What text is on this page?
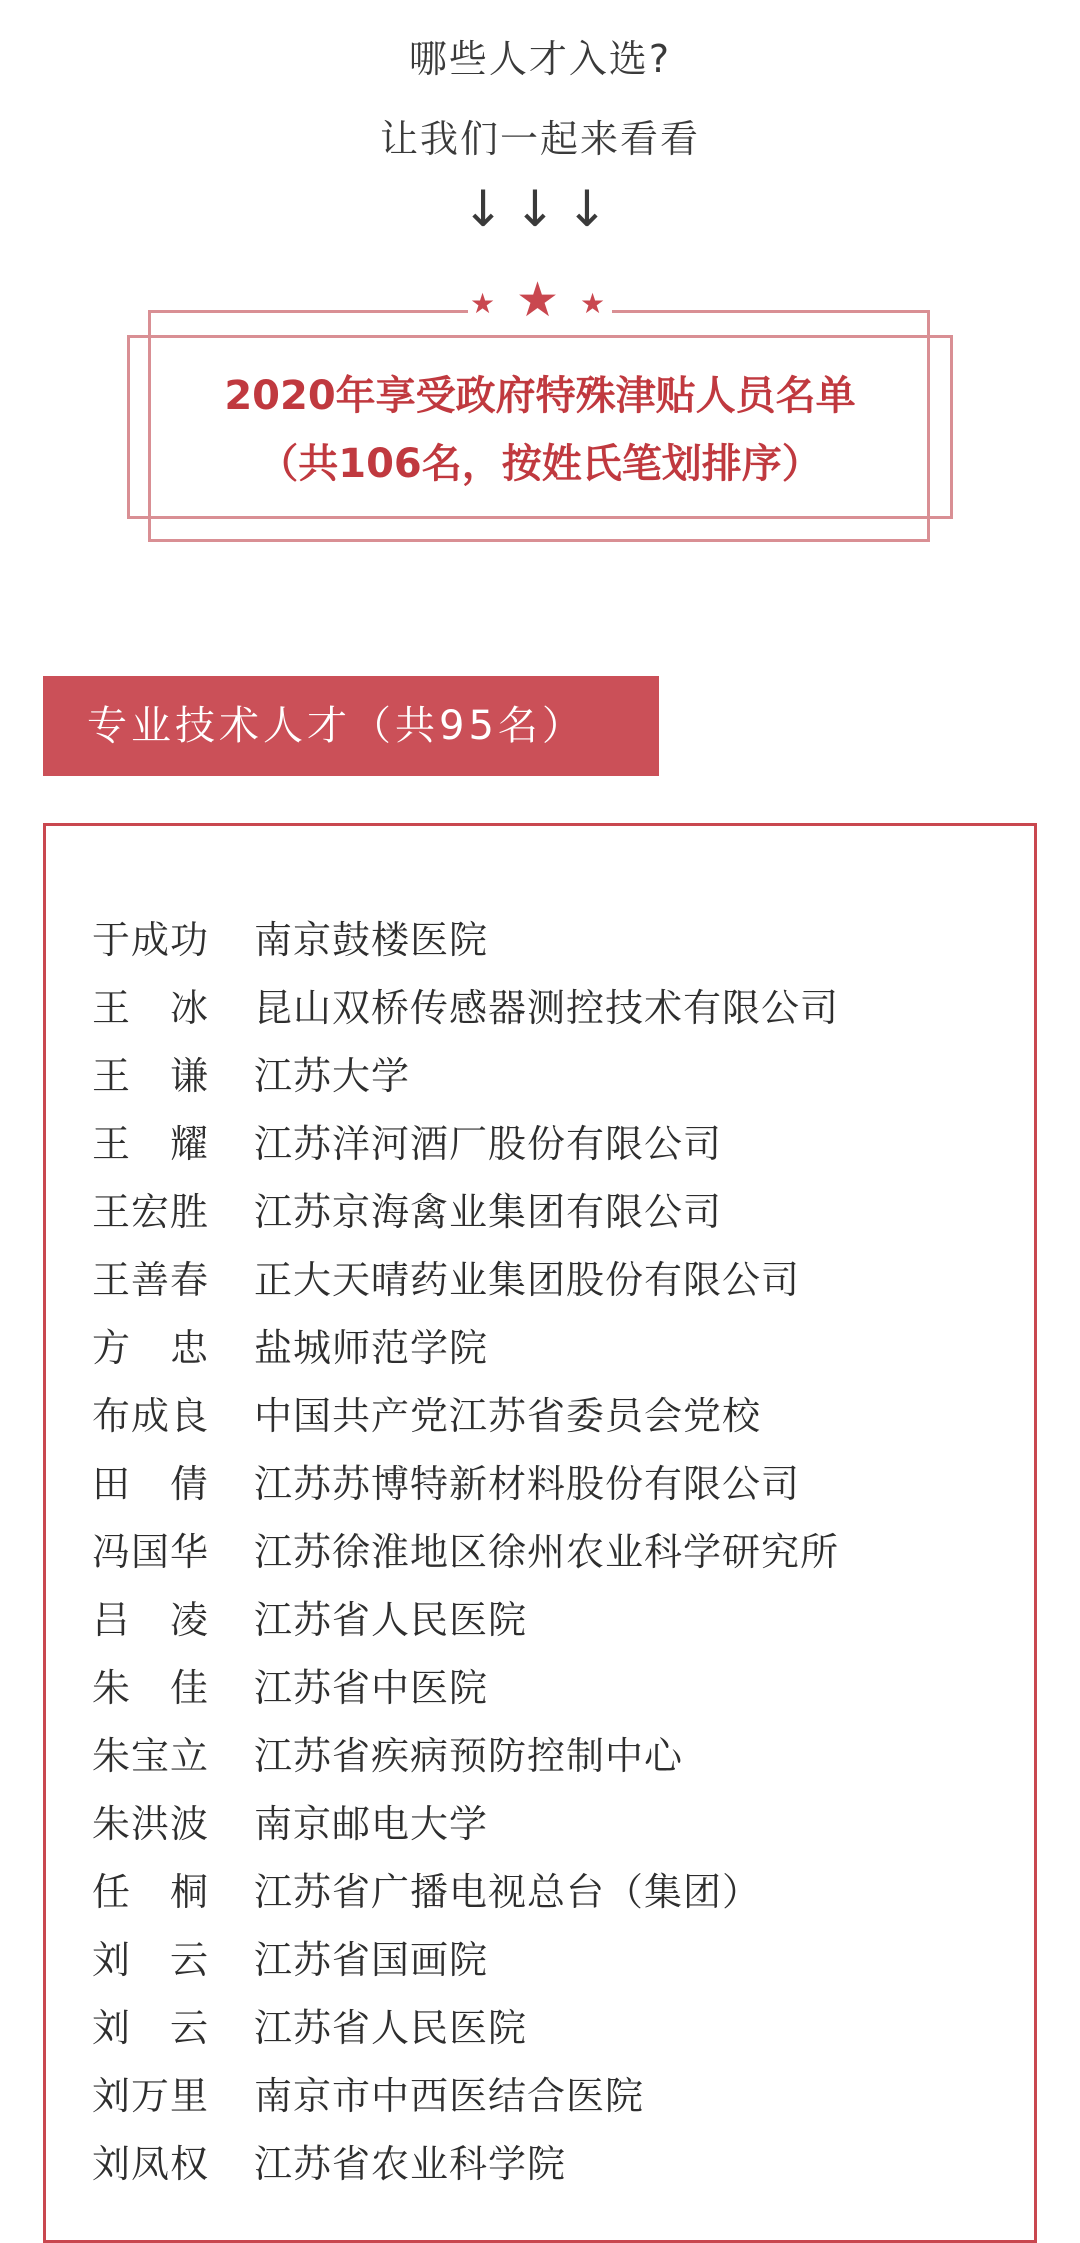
哪些人才入选?
让我们一起来看看
↓↓↓
★ ★ ★
2020年享受政府特殊津贴人员名单
（共106名，按姓氏笔划排序）
专业技术人才（共95名）
于成功 南京鼓楼医院
王　冰 昆山双桥传感器测控技术有限公司
王　谦 江苏大学
王　耀 江苏洋河酒厂股份有限公司
王宏胜 江苏京海禽业集团有限公司
王善春 正大天晴药业集团股份有限公司
方　忠 盐城师范学院
布成良 中国共产党江苏省委员会党校
田　倩 江苏苏博特新材料股份有限公司
冯国华 江苏徐淮地区徐州农业科学研究所
吕　凌 江苏省人民医院
朱　佳 江苏省中医院
朱宝立 江苏省疾病预防控制中心
朱洪波 南京邮电大学
任　桐 江苏省广播电视总台（集团）
刘　云 江苏省国画院
刘　云 江苏省人民医院
刘万里 南京市中西医结合医院
刘凤权 江苏省农业科学院
